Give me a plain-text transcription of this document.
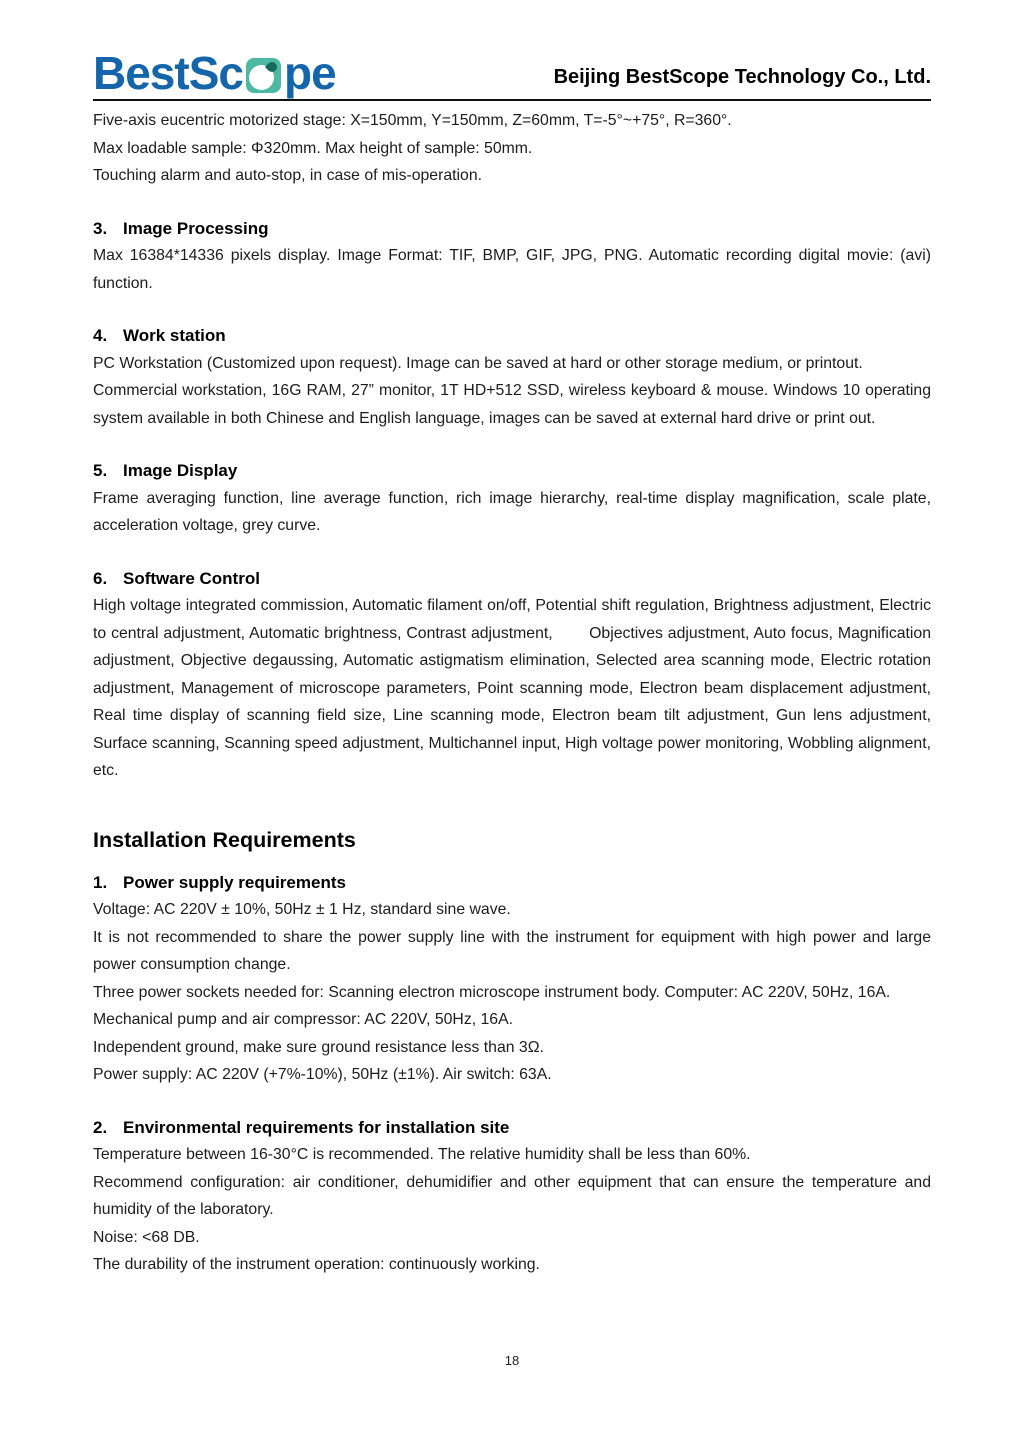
BestSc pe	Beijing BestScope Technology Co., Ltd.

Five-axis eucentric motorized stage: X=150mm, Y=150mm, Z=60mm, T=-5°~+75°, R=360°.

Max loadable sample: Φ320mm. Max height of sample: 50mm.

Touching alarm and auto-stop, in case of mis-operation.

3. Image Processing

Max 16384*14336 pixels display. Image Format: TIF, BMP, GIF, JPG, PNG. Automatic recording digital movie: (avi) function.

4. Work station

PC Workstation (Customized upon request). Image can be saved at hard or other storage medium, or printout.

Commercial workstation, 16G RAM, 27” monitor, 1T HD+512 SSD, wireless keyboard & mouse. Windows 10 operating system available in both Chinese and English language, images can be saved at external hard drive or print out.

5. Image Display

Frame averaging function, line average function, rich image hierarchy, real-time display magnification, scale plate, acceleration voltage, grey curve.

6. Software Control

High voltage integrated commission, Automatic filament on/off, Potential shift regulation, Brightness adjustment, Electric to central adjustment, Automatic brightness, Contrast adjustment,   Objectives adjustment, Auto focus, Magnification adjustment, Objective degaussing, Automatic astigmatism elimination, Selected area scanning mode, Electric rotation adjustment, Management of microscope parameters, Point scanning mode, Electron beam displacement adjustment, Real time display of scanning field size, Line scanning mode, Electron beam tilt adjustment, Gun lens adjustment, Surface scanning, Scanning speed adjustment, Multichannel input, High voltage power monitoring, Wobbling alignment, etc.

Installation Requirements
1. Power supply requirements

Voltage: AC 220V ± 10%, 50Hz ± 1 Hz, standard sine wave.

It is not recommended to share the power supply line with the instrument for equipment with high power and large power consumption change.

Three power sockets needed for: Scanning electron microscope instrument body. Computer: AC 220V, 50Hz, 16A.

Mechanical pump and air compressor: AC 220V, 50Hz, 16A.

Independent ground, make sure ground resistance less than 3Ω.

Power supply: AC 220V (+7%-10%), 50Hz (±1%). Air switch: 63A.

2. Environmental requirements for installation site

Temperature between 16-30°C is recommended. The relative humidity shall be less than 60%.

Recommend configuration: air conditioner, dehumidifier and other equipment that can ensure the temperature and humidity of the laboratory.

Noise: <68 DB.

The durability of the instrument operation: continuously working.

18
